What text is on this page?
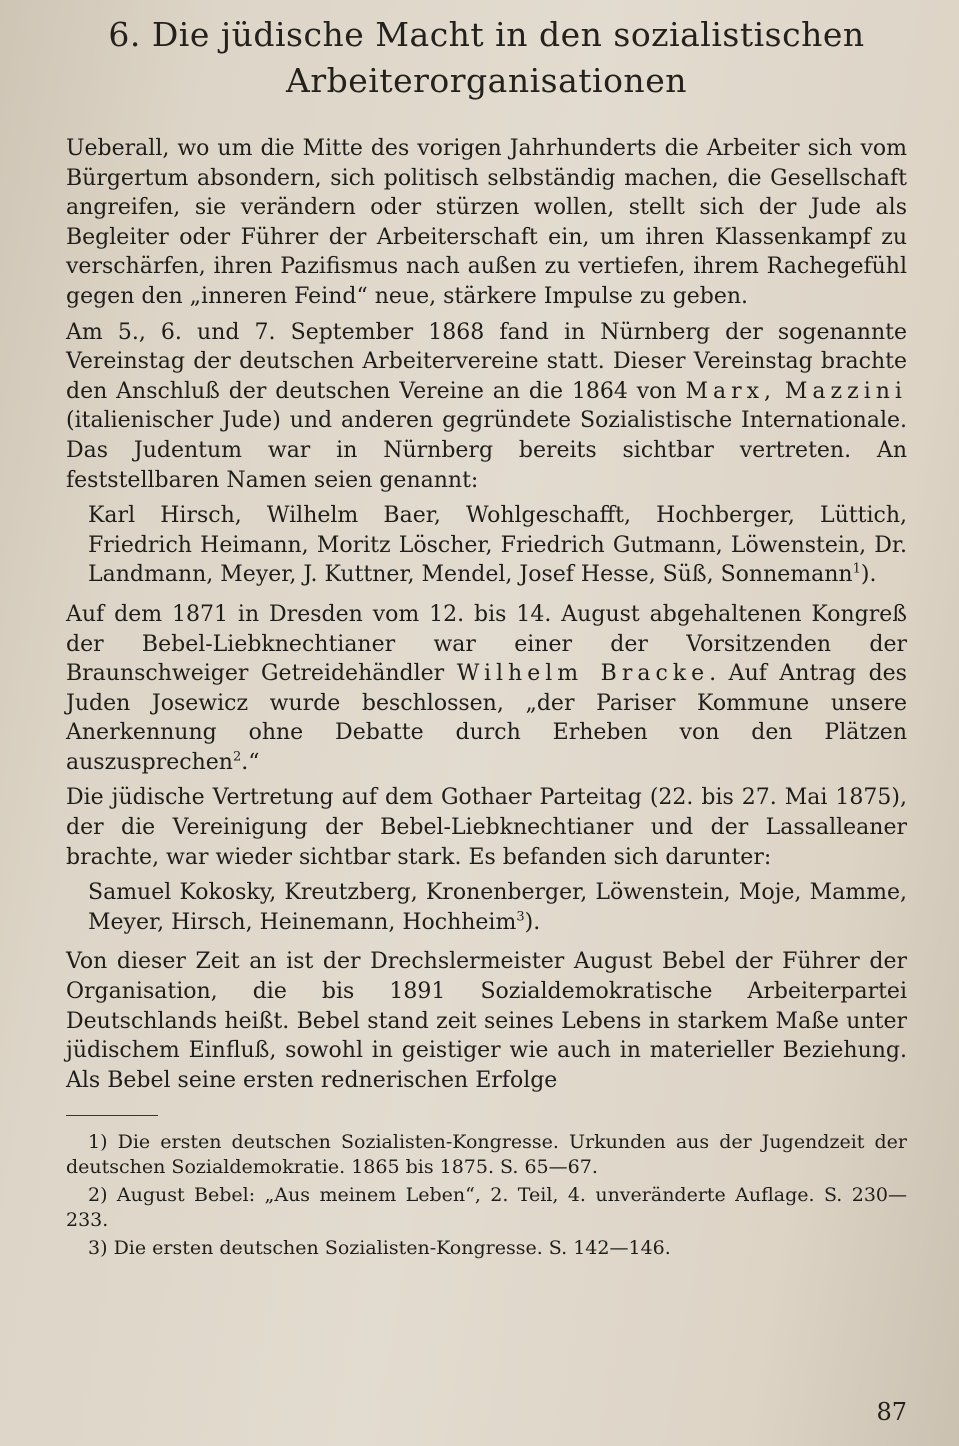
6. Die jüdische Macht in den sozialistischen
Arbeiterorganisationen

Ueberall, wo um die Mitte des vorigen Jahrhunderts die Arbeiter sich vom Bürgertum absondern, sich politisch selbständig machen, die Gesellschaft angreifen, sie verändern oder stürzen wollen, stellt sich der Jude als Begleiter oder Führer der Arbeiterschaft ein, um ihren Klassenkampf zu verschärfen, ihren Pazifismus nach außen zu vertiefen, ihrem Rachegefühl gegen den „inneren Feind“ neue, stärkere Impulse zu geben.

Am 5., 6. und 7. September 1868 fand in Nürnberg der sogenannte Vereinstag der deutschen Arbeitervereine statt. Dieser Vereinstag brachte den Anschluß der deutschen Vereine an die 1864 von Marx, Mazzini (italienischer Jude) und anderen gegründete Sozialistische Internationale. Das Judentum war in Nürnberg bereits sichtbar vertreten. An feststellbaren Namen seien genannt:

Karl Hirsch, Wilhelm Baer, Wohlgeschafft, Hochberger, Lüttich, Friedrich Heimann, Moritz Löscher, Friedrich Gutmann, Löwenstein, Dr. Landmann, Meyer, J. Kuttner, Mendel, Josef Hesse, Süß, Sonnemann$^1$).

Auf dem 1871 in Dresden vom 12. bis 14. August abgehaltenen Kongreß der Bebel-Liebknechtianer war einer der Vorsitzenden der Braunschweiger Getreidehändler Wilhelm Bracke. Auf Antrag des Juden Josewicz wurde beschlossen, „der Pariser Kommune unsere Anerkennung ohne Debatte durch Erheben von den Plätzen auszusprechen$^2$.“

Die jüdische Vertretung auf dem Gothaer Parteitag (22. bis 27. Mai 1875), der die Vereinigung der Bebel-Liebknechtianer und der Lassalleaner brachte, war wieder sichtbar stark. Es befanden sich darunter:

Samuel Kokosky, Kreutzberg, Kronenberger, Löwenstein, Moje, Mamme, Meyer, Hirsch, Heinemann, Hochheim$^3$).

Von dieser Zeit an ist der Drechslermeister August Bebel der Führer der Organisation, die bis 1891 Sozialdemokratische Arbeiterpartei Deutschlands heißt. Bebel stand zeit seines Lebens in starkem Maße unter jüdischem Einfluß, sowohl in geistiger wie auch in materieller Beziehung. Als Bebel seine ersten rednerischen Erfolge

1) Die ersten deutschen Sozialisten-Kongresse. Urkunden aus der Jugendzeit der deutschen Sozialdemokratie. 1865 bis 1875. S. 65—67.

2) August Bebel: „Aus meinem Leben“, 2. Teil, 4. unveränderte Auflage. S. 230—233.

3) Die ersten deutschen Sozialisten-Kongresse. S. 142—146.

87
